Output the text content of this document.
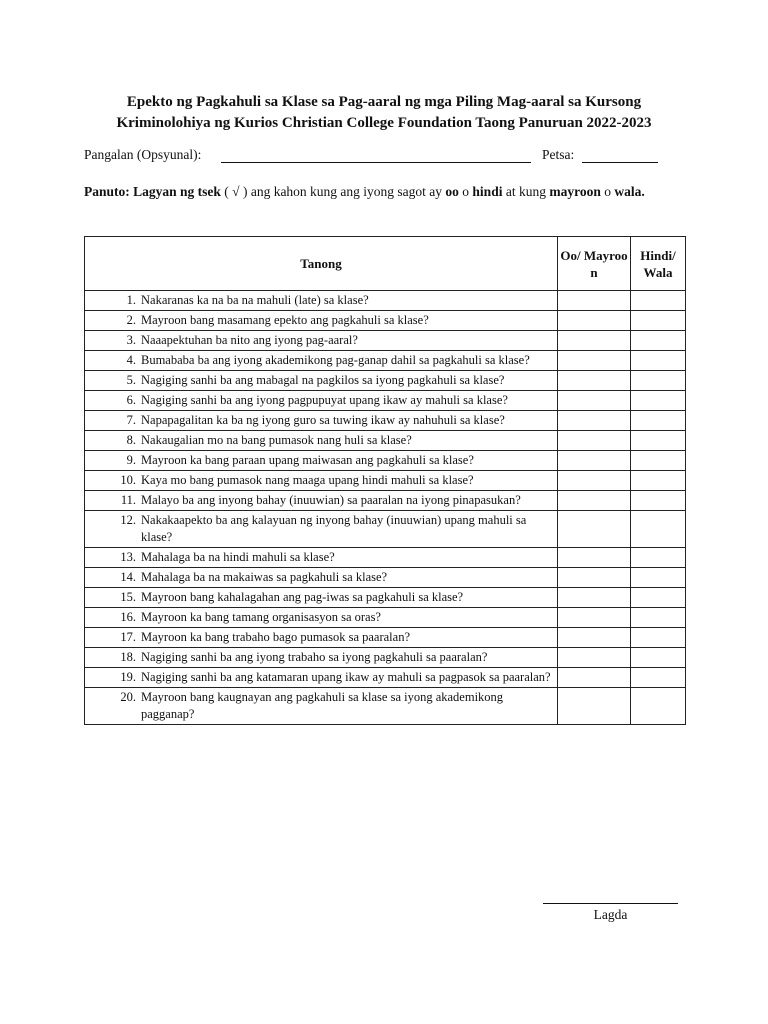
Epekto ng Pagkahuli sa Klase sa Pag-aaral ng mga Piling Mag-aaral sa Kursong
Kriminolohiya ng Kurios Christian College Foundation Taong Panuruan 2022-2023
Pangalan (Opsyunal):	Petsa:
Panuto: Lagyan ng tsek ( √ ) ang kahon kung ang iyong sagot ay oo o hindi at kung mayroon o wala.
Tanong	Oo/ Mayroo n	Hindi/ Wala

1. Nakaranas ka na ba na mahuli (late) sa klase?		

2. Mayroon bang masamang epekto ang pagkahuli sa klase?		

3. Naaapektuhan ba nito ang iyong pag-aaral?		

4. Bumababa ba ang iyong akademikong pag-ganap dahil sa pagkahuli sa klase?		

5. Nagiging sanhi ba ang mabagal na pagkilos sa iyong pagkahuli sa klase?		

6. Nagiging sanhi ba ang iyong pagpupuyat upang ikaw ay mahuli sa klase?		

7. Napapagalitan ka ba ng iyong guro sa tuwing ikaw ay nahuhuli sa klase?		

8. Nakaugalian mo na bang pumasok nang huli sa klase?		

9. Mayroon ka bang paraan upang maiwasan ang pagkahuli sa klase?		

10. Kaya mo bang pumasok nang maaga upang hindi mahuli sa klase?		

11. Malayo ba ang inyong bahay (inuuwian) sa paaralan na iyong pinapasukan?		

12. Nakakaapekto ba ang kalayuan ng inyong bahay (inuuwian) upang mahuli sa klase?		

13. Mahalaga ba na hindi mahuli sa klase?		

14. Mahalaga ba na makaiwas sa pagkahuli sa klase?		

15. Mayroon bang kahalagahan ang pag-iwas sa pagkahuli sa klase?		

16. Mayroon ka bang tamang organisasyon sa oras?		

17. Mayroon ka bang trabaho bago pumasok sa paaralan?		

18. Nagiging sanhi ba ang iyong trabaho sa iyong pagkahuli sa paaralan?		

19. Nagiging sanhi ba ang katamaran upang ikaw ay mahuli sa pagpasok sa paaralan?		

20. Mayroon bang kaugnayan ang pagkahuli sa klase sa iyong akademikong pagganap?		

Lagda
